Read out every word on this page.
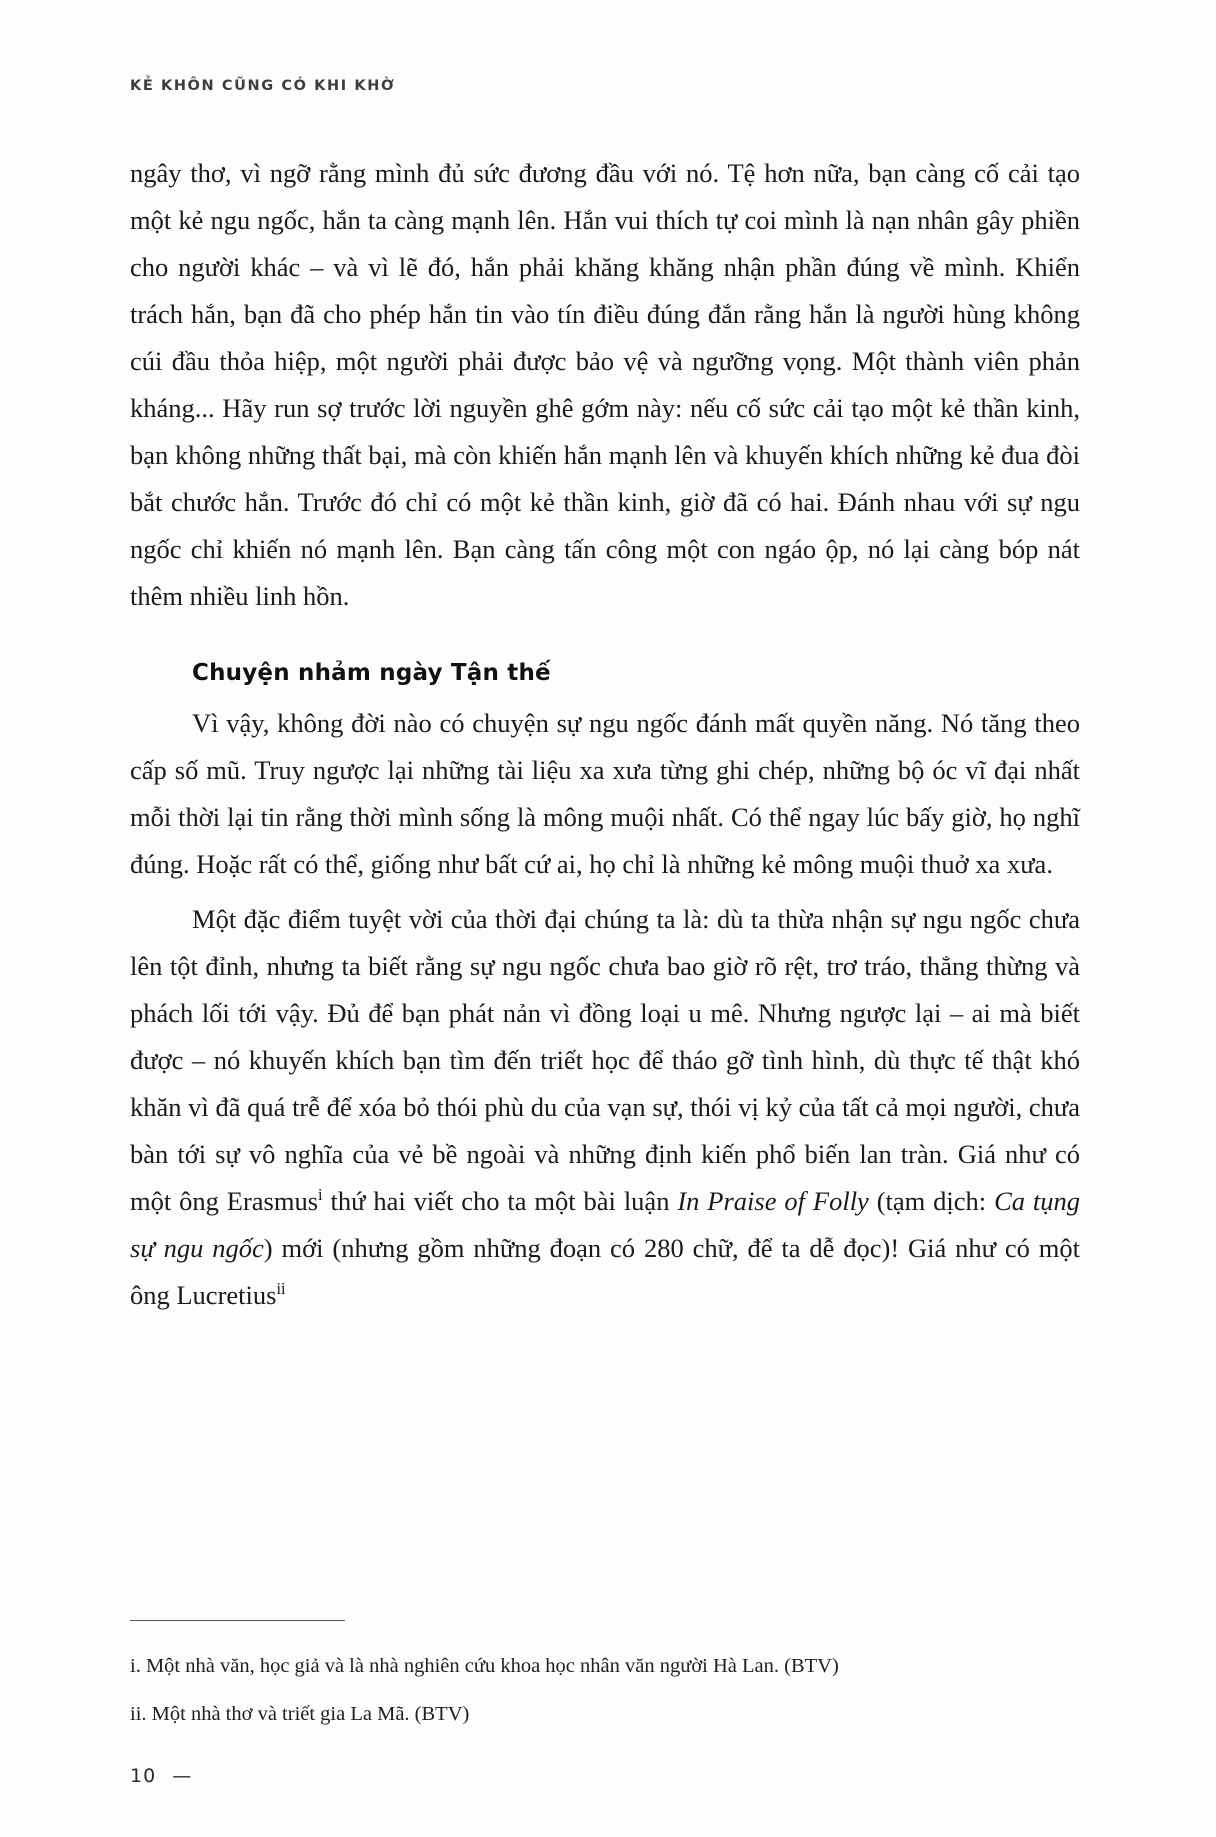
KẺ KHÔN CŨNG CÓ KHI KHỜ

ngây thơ, vì ngỡ rằng mình đủ sức đương đầu với nó. Tệ hơn nữa, bạn càng cố cải tạo một kẻ ngu ngốc, hắn ta càng mạnh lên. Hắn vui thích tự coi mình là nạn nhân gây phiền cho người khác – và vì lẽ đó, hắn phải khăng khăng nhận phần đúng về mình. Khiển trách hắn, bạn đã cho phép hắn tin vào tín điều đúng đắn rằng hắn là người hùng không cúi đầu thỏa hiệp, một người phải được bảo vệ và ngưỡng vọng. Một thành viên phản kháng... Hãy run sợ trước lời nguyền ghê gớm này: nếu cố sức cải tạo một kẻ thần kinh, bạn không những thất bại, mà còn khiến hắn mạnh lên và khuyến khích những kẻ đua đòi bắt chước hắn. Trước đó chỉ có một kẻ thần kinh, giờ đã có hai. Đánh nhau với sự ngu ngốc chỉ khiến nó mạnh lên. Bạn càng tấn công một con ngáo ộp, nó lại càng bóp nát thêm nhiều linh hồn.

Chuyện nhảm ngày Tận thế

Vì vậy, không đời nào có chuyện sự ngu ngốc đánh mất quyền năng. Nó tăng theo cấp số mũ. Truy ngược lại những tài liệu xa xưa từng ghi chép, những bộ óc vĩ đại nhất mỗi thời lại tin rằng thời mình sống là mông muội nhất. Có thể ngay lúc bấy giờ, họ nghĩ đúng. Hoặc rất có thể, giống như bất cứ ai, họ chỉ là những kẻ mông muội thuở xa xưa.

Một đặc điểm tuyệt vời của thời đại chúng ta là: dù ta thừa nhận sự ngu ngốc chưa lên tột đỉnh, nhưng ta biết rằng sự ngu ngốc chưa bao giờ rõ rệt, trơ tráo, thẳng thừng và phách lối tới vậy. Đủ để bạn phát nản vì đồng loại u mê. Nhưng ngược lại – ai mà biết được – nó khuyến khích bạn tìm đến triết học để tháo gỡ tình hình, dù thực tế thật khó khăn vì đã quá trễ để xóa bỏ thói phù du của vạn sự, thói vị kỷ của tất cả mọi người, chưa bàn tới sự vô nghĩa của vẻ bề ngoài và những định kiến phổ biến lan tràn. Giá như có một ông Erasmus$^i$ thứ hai viết cho ta một bài luận In Praise of Folly (tạm dịch: Ca tụng sự ngu ngốc) mới (nhưng gồm những đoạn có 280 chữ, để ta dễ đọc)! Giá như có một ông Lucretius$^{ii}$

i. Một nhà văn, học giả và là nhà nghiên cứu khoa học nhân văn người Hà Lan. (BTV)

ii. Một nhà thơ và triết gia La Mã. (BTV)

10 —
